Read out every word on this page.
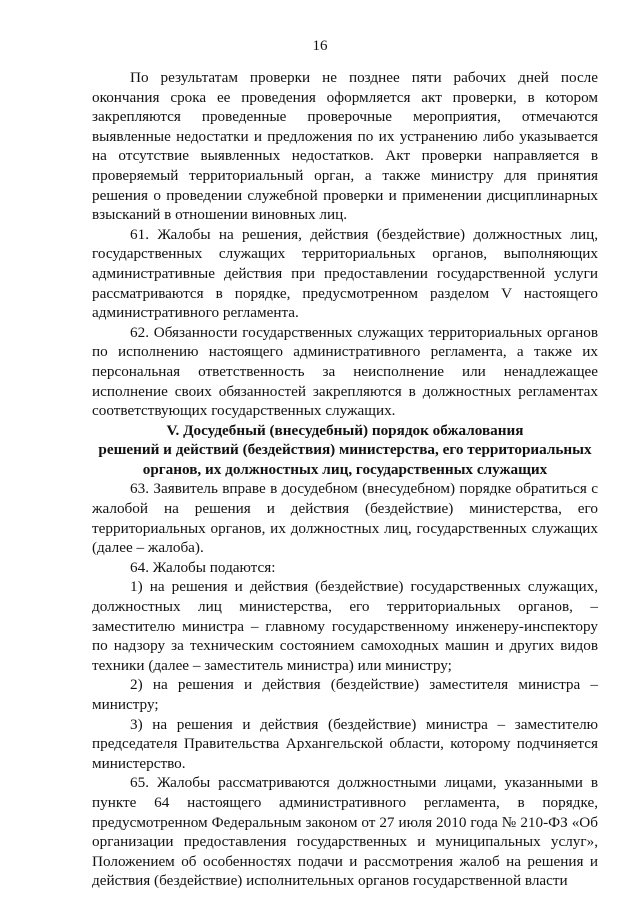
16

По результатам проверки не позднее пяти рабочих дней после окончания срока ее проведения оформляется акт проверки, в котором закрепляются проведенные проверочные мероприятия, отмечаются выявленные недостатки и предложения по их устранению либо указывается на отсутствие выявленных недостатков. Акт проверки направляется в проверяемый территориальный орган, а также министру для принятия решения о проведении служебной проверки и применении дисциплинарных взысканий в отношении виновных лиц.

61. Жалобы на решения, действия (бездействие) должностных лиц, государственных служащих территориальных органов, выполняющих административные действия при предоставлении государственной услуги рассматриваются в порядке, предусмотренном разделом V настоящего административного регламента.

62. Обязанности государственных служащих территориальных органов по исполнению настоящего административного регламента, а также их персональная ответственность за неисполнение или ненадлежащее исполнение своих обязанностей закрепляются в должностных регламентах соответствующих государственных служащих.

V. Досудебный (внесудебный) порядок обжалования
решений и действий (бездействия) министерства, его территориальных
органов, их должностных лиц, государственных служащих

63. Заявитель вправе в досудебном (внесудебном) порядке обратиться с жалобой на решения и действия (бездействие) министерства, его территориальных органов, их должностных лиц, государственных служащих (далее – жалоба).

64. Жалобы подаются:

1) на решения и действия (бездействие) государственных служащих, должностных лиц министерства, его территориальных органов, – заместителю министра – главному государственному инженеру-инспектору по надзору за техническим состоянием самоходных машин и других видов техники (далее – заместитель министра) или министру;

2) на решения и действия (бездействие) заместителя министра – министру;

3) на решения и действия (бездействие) министра – заместителю председателя Правительства Архангельской области, которому подчиняется министерство.

65. Жалобы рассматриваются должностными лицами, указанными в пункте 64 настоящего административного регламента, в порядке, предусмотренном Федеральным законом от 27 июля 2010 года № 210-ФЗ «Об организации предоставления государственных и муниципальных услуг», Положением об особенностях подачи и рассмотрения жалоб на решения и действия (бездействие) исполнительных органов государственной власти
